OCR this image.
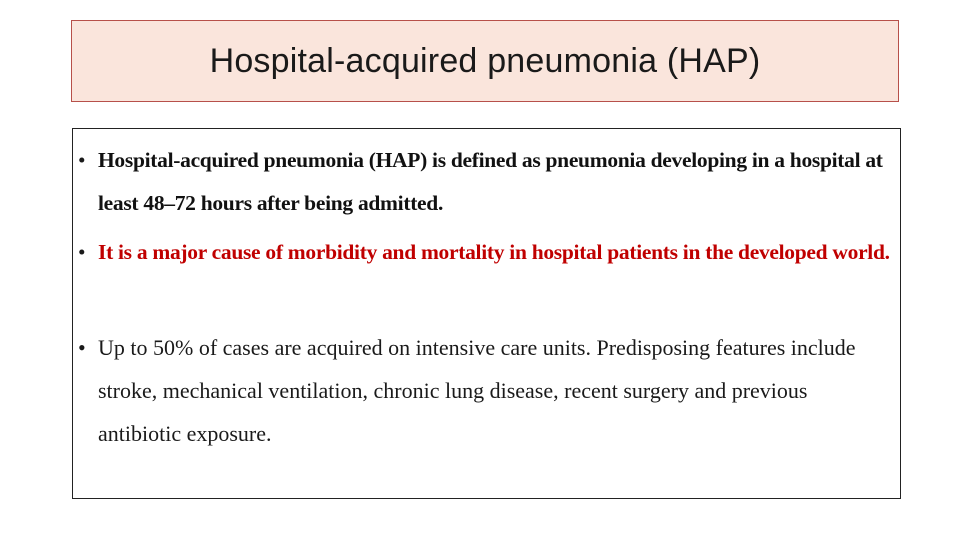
Hospital-acquired pneumonia (HAP)

• Hospital-acquired pneumonia (HAP) is defined as pneumonia developing in a hospital at least 48–72 hours after being admitted.

• It is a major cause of morbidity and mortality in hospital patients in the developed world.

• Up to 50% of cases are acquired on intensive care units. Predisposing features include stroke, mechanical ventilation, chronic lung disease, recent surgery and previous antibiotic exposure.
